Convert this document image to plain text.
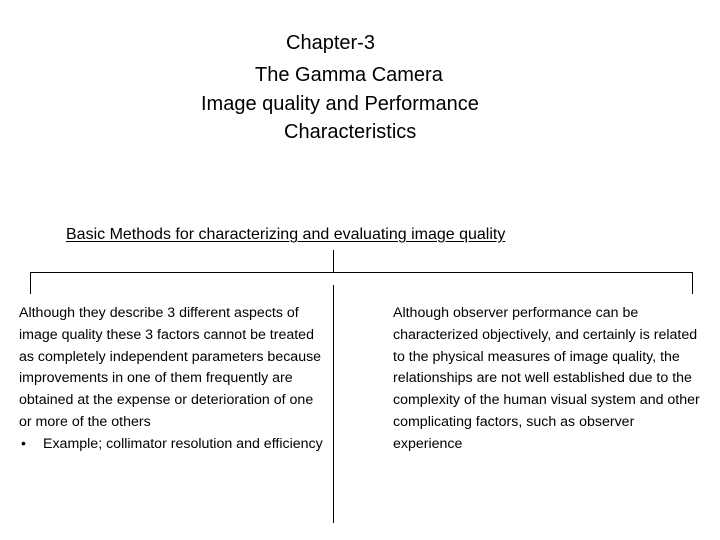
Chapter-3
The Gamma Camera
Image quality and Performance
Characteristics
Basic Methods for characterizing and evaluating image quality
Although they describe 3 different aspects of image quality these 3 factors cannot be treated as completely independent parameters because improvements in one of them frequently are obtained at the expense or deterioration of one or more of the others
• Example; collimator resolution and efficiency
Although observer performance can be characterized objectively, and certainly is related to the physical measures of image quality, the relationships are not well established due to the complexity of the human visual system and other complicating factors, such as observer experience
